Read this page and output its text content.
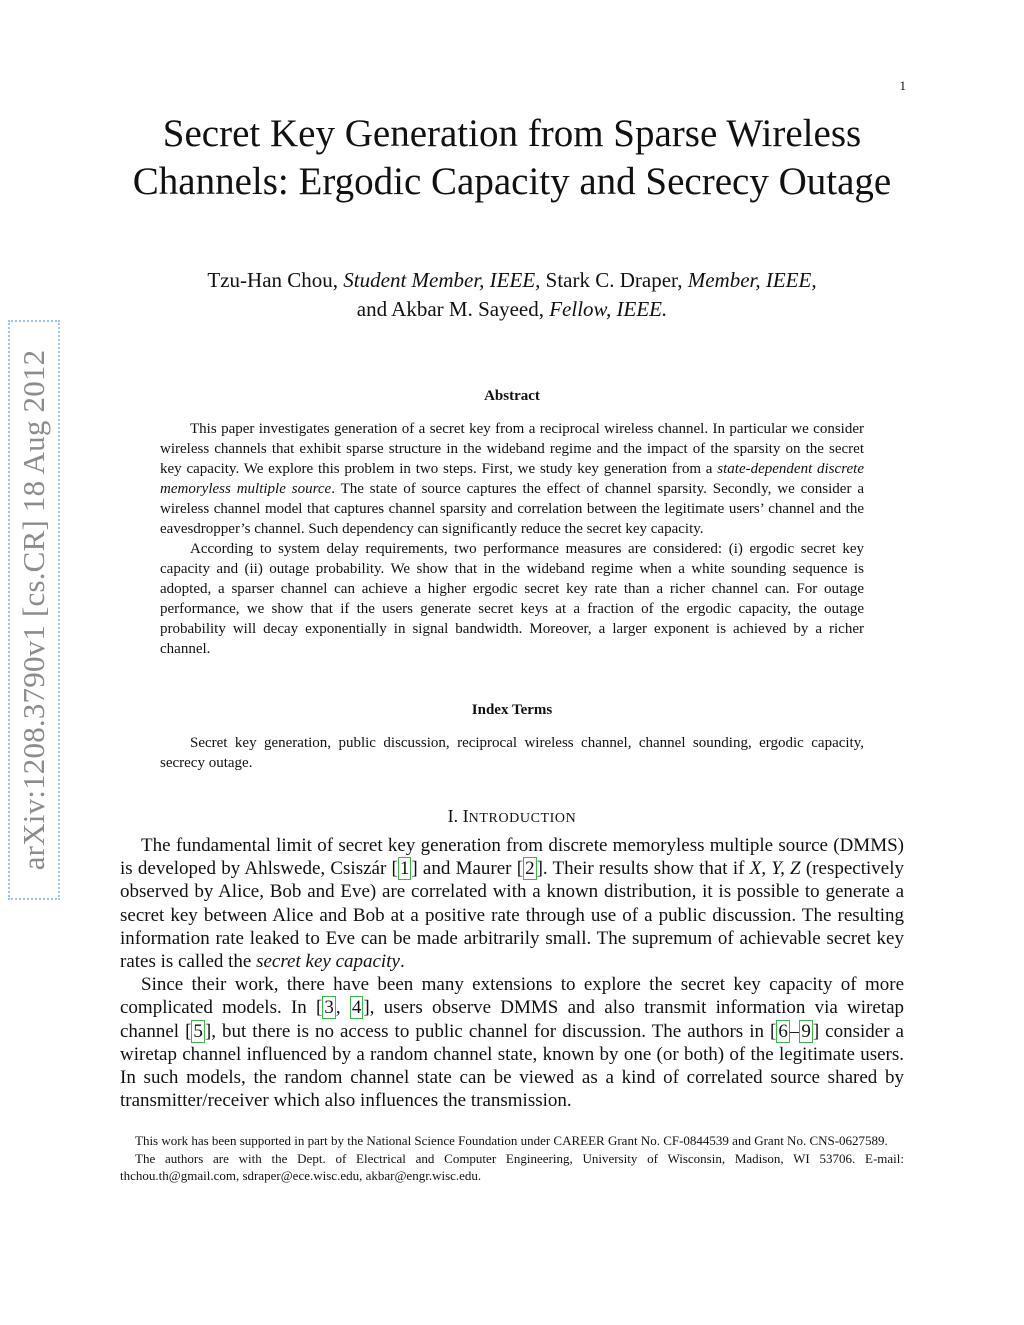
1
arXiv:1208.3790v1 [cs.CR] 18 Aug 2012
Secret Key Generation from Sparse Wireless Channels: Ergodic Capacity and Secrecy Outage
Tzu-Han Chou, Student Member, IEEE, Stark C. Draper, Member, IEEE,
and Akbar M. Sayeed, Fellow, IEEE.
Abstract

This paper investigates generation of a secret key from a reciprocal wireless channel. In particular we consider wireless channels that exhibit sparse structure in the wideband regime and the impact of the sparsity on the secret key capacity. We explore this problem in two steps. First, we study key generation from a state-dependent discrete memoryless multiple source. The state of source captures the effect of channel sparsity. Secondly, we consider a wireless channel model that captures channel sparsity and correlation between the legitimate users’ channel and the eavesdropper’s channel. Such dependency can significantly reduce the secret key capacity.

According to system delay requirements, two performance measures are considered: (i) ergodic secret key capacity and (ii) outage probability. We show that in the wideband regime when a white sounding sequence is adopted, a sparser channel can achieve a higher ergodic secret key rate than a richer channel can. For outage performance, we show that if the users generate secret keys at a fraction of the ergodic capacity, the outage probability will decay exponentially in signal bandwidth. Moreover, a larger exponent is achieved by a richer channel.

Index Terms

Secret key generation, public discussion, reciprocal wireless channel, channel sounding, ergodic capacity, secrecy outage.

I. INTRODUCTION

The fundamental limit of secret key generation from discrete memoryless multiple source (DMMS) is developed by Ahlswede, Csiszár [ 1 ] and Maurer [ 2 ]. Their results show that if X, Y, Z (respectively observed by Alice, Bob and Eve) are correlated with a known distribution, it is possible to generate a secret key between Alice and Bob at a positive rate through use of a public discussion. The resulting information rate leaked to Eve can be made arbitrarily small. The supremum of achievable secret key rates is called the secret key capacity.

Since their work, there have been many extensions to explore the secret key capacity of more complicated models. In [ 3 , 4 ], users observe DMMS and also transmit information via wiretap channel [ 5 ], but there is no access to public channel for discussion. The authors in [ 6 – 9 ] consider a wiretap channel influenced by a random channel state, known by one (or both) of the legitimate users. In such models, the random channel state can be viewed as a kind of correlated source shared by transmitter/receiver which also influences the transmission.

This work has been supported in part by the National Science Foundation under CAREER Grant No. CF-0844539 and Grant No. CNS-0627589.

The authors are with the Dept. of Electrical and Computer Engineering, University of Wisconsin, Madison, WI 53706. E-mail: thchou.th@gmail.com, sdraper@ece.wisc.edu, akbar@engr.wisc.edu.
